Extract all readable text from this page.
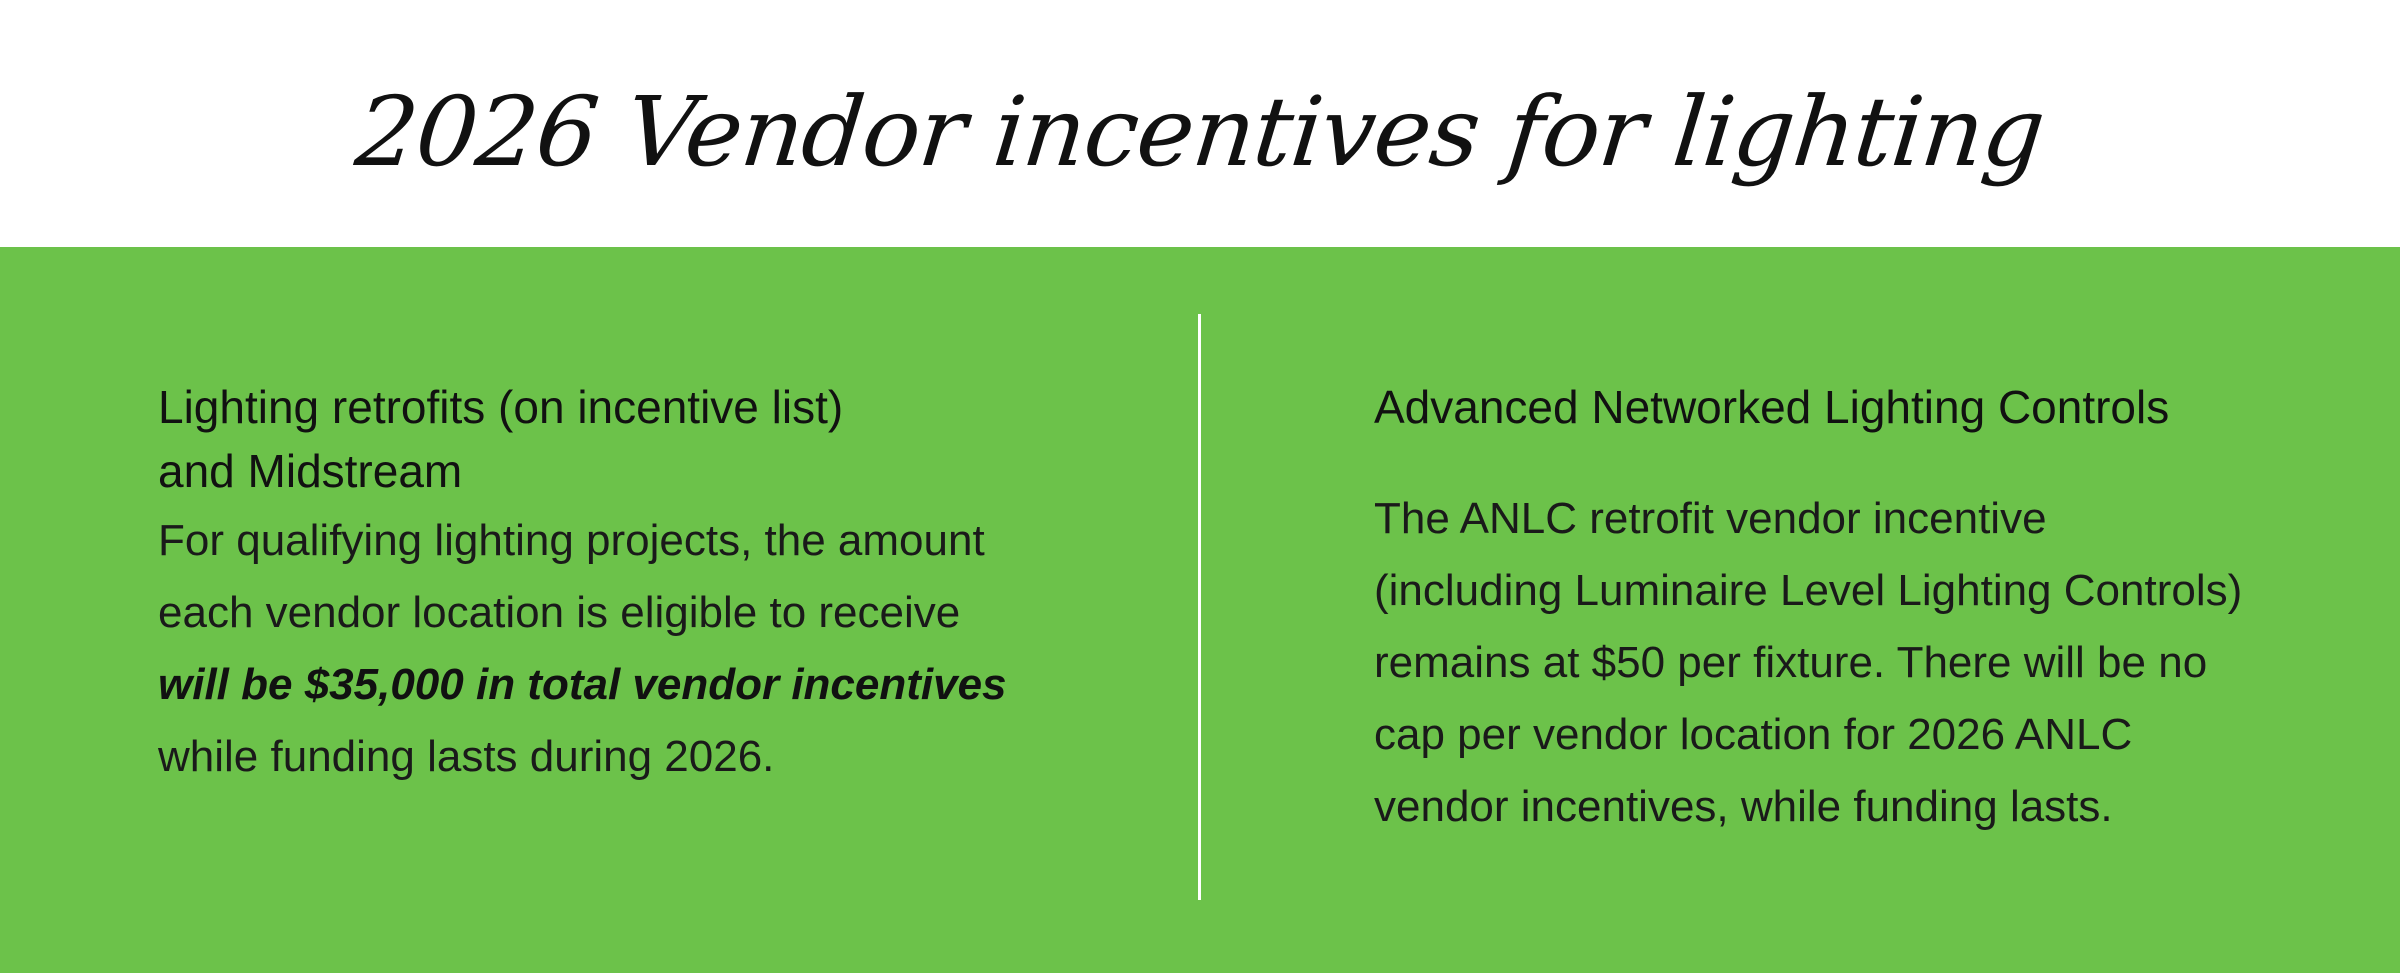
2026 Vendor incentives for lighting
Lighting retrofits (on incentive list)
and Midstream

For qualifying lighting projects, the amount
each vendor location is eligible to receive
will be $35,000 in total vendor incentives
while funding lasts during 2026.

Advanced Networked Lighting Controls

The ANLC retrofit vendor incentive
(including Luminaire Level Lighting Controls)
remains at $50 per fixture. There will be no
cap per vendor location for 2026 ANLC
vendor incentives, while funding lasts.
